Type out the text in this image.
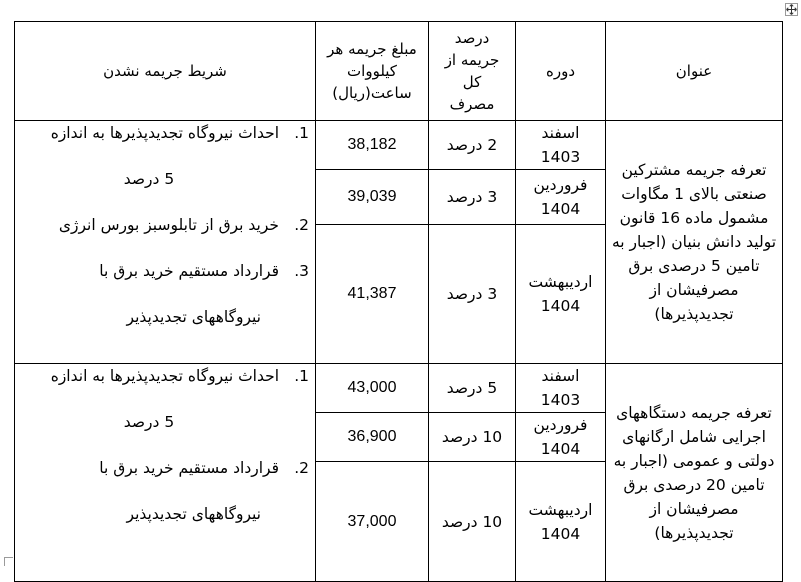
عنوان	دوره	درصد جریمه از کل مصرف	مبلغ جریمه هر کیلووات ساعت(ریال)	شریط جریمه نشدن
تعرفه جریمه مشترکین صنعتی بالای 1 مگاوات مشمول ماده 16 قانون تولید دانش بنیان (اجبار به تامین 5 درصدی برق مصرفیشان از تجدیدپذیرها)	اسفند 1403	2 درصد	38,182	1.احداث نیروگاه تجدیدپذیرها به اندازه
5 درصد
2.خرید برق از تابلوسبز بورس انرژی
3.قرارداد مستقیم خرید برق با
نیروگاههای تجدیدپذیر

	فروردین 1404	3 درصد	39,039	
	اردیبهشت 1404	3 درصد	41,387	
تعرفه جریمه دستگاههای اجرایی شامل ارگانهای دولتی و عمومی (اجبار به تامین 20 درصدی برق مصرفیشان از تجدیدپذیرها)	اسفند 1403	5 درصد	43,000	1.احداث نیروگاه تجدیدپذیرها به اندازه
5 درصد
2.قرارداد مستقیم خرید برق با
نیروگاههای تجدیدپذیر

	فروردین 1404	10 درصد	36,900	
	اردیبهشت 1404	10 درصد	37,000	
